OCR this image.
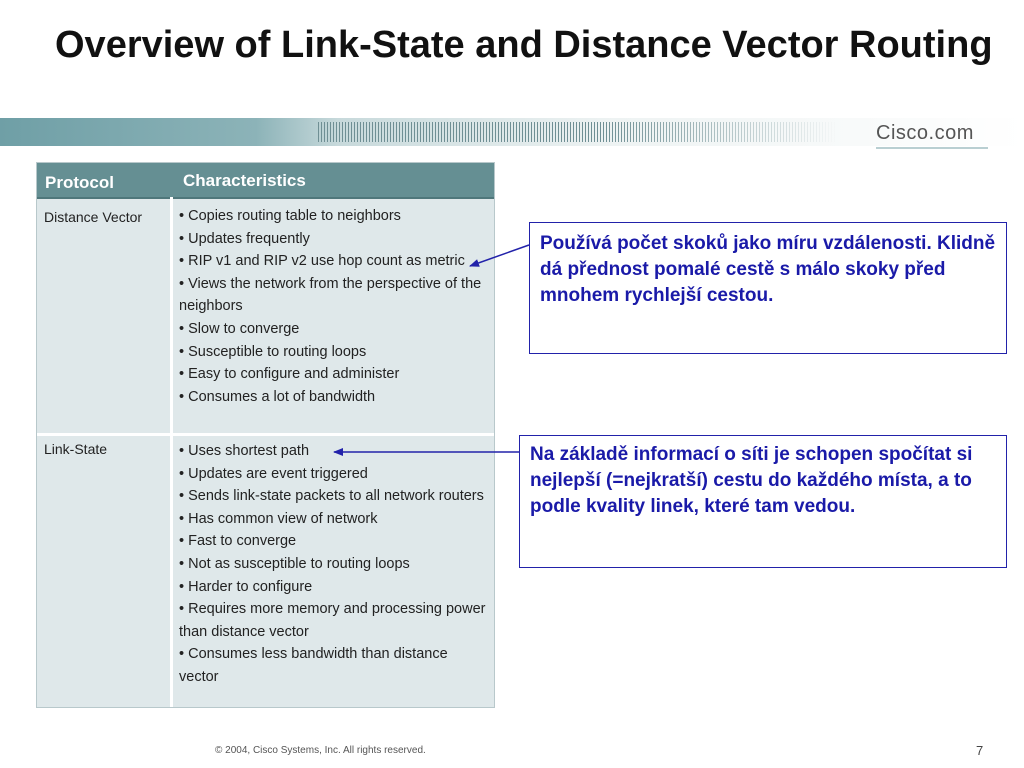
Overview of Link-State and Distance Vector Routing
Cisco.com
Protocol	Characteristics
Distance Vector	• Copies routing table to neighbors
• Updates frequently
• RIP v1 and RIP v2 use hop count as metric
• Views the network from the perspective of the neighbors
• Slow to converge
• Susceptible to routing loops
• Easy to configure and administer
• Consumes a lot of bandwidth
Link-State	• Uses shortest path
• Updates are event triggered
• Sends link-state packets to all network routers
• Has common view of network
• Fast to converge
• Not as susceptible to routing loops
• Harder to configure
• Requires more memory and processing power than distance vector
• Consumes less bandwidth than distance vector
Používá počet skoků jako míru vzdálenosti. Klidně dá přednost pomalé cestě s málo skoky před mnohem rychlejší cestou.
Na základě informací o síti je schopen spočítat si nejlepší (=nejkratší) cestu do každého místa, a to podle kvality linek, které tam vedou.
© 2004, Cisco Systems, Inc. All rights reserved.	7
